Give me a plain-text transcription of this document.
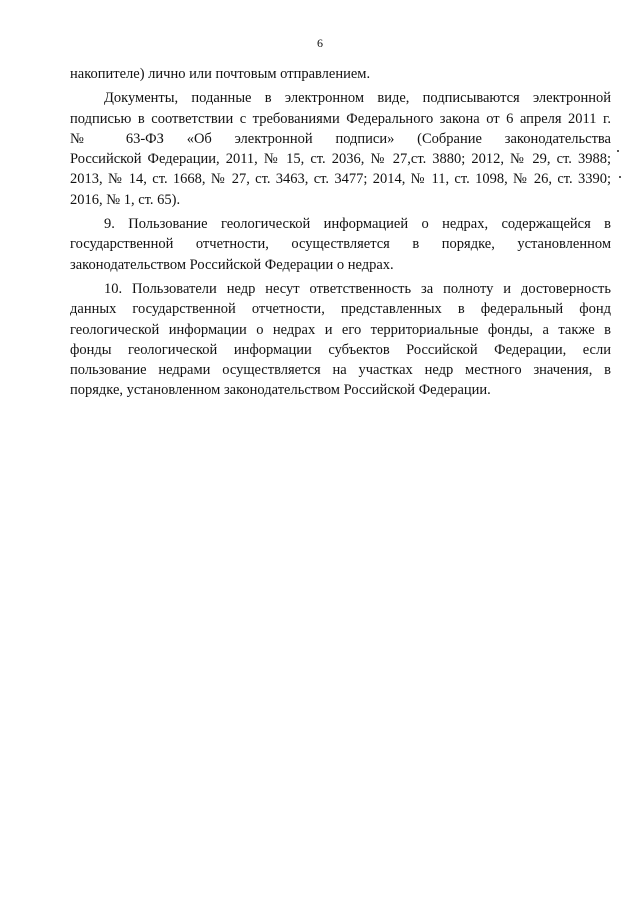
6
накопителе) лично или почтовым отправлением.
Документы, поданные в электронном виде, подписываются электронной
подписью в соответствии с требованиями Федерального закона от 6 апреля 2011 г.
№ 63-ФЗ «Об электронной подписи» (Собрание законодательства
Российской Федерации, 2011, № 15, ст. 2036, № 27,ст. 3880; 2012, № 29, ст. 3988;
2013, № 14, ст. 1668, № 27, ст. 3463, ст. 3477; 2014, № 11, ст. 1098, № 26, ст. 3390;
2016, № 1, ст. 65).
9. Пользование геологической информацией о недрах, содержащейся в
государственной отчетности, осуществляется в порядке, установленном
законодательством Российской Федерации о недрах.
10. Пользователи недр несут ответственность за полноту и достоверность
данных государственной отчетности, представленных в федеральный фонд
геологической информации о недрах и его территориальные фонды, а также в
фонды геологической информации субъектов Российской Федерации, если
пользование недрами осуществляется на участках недр местного значения, в
порядке, установленном законодательством Российской Федерации.
